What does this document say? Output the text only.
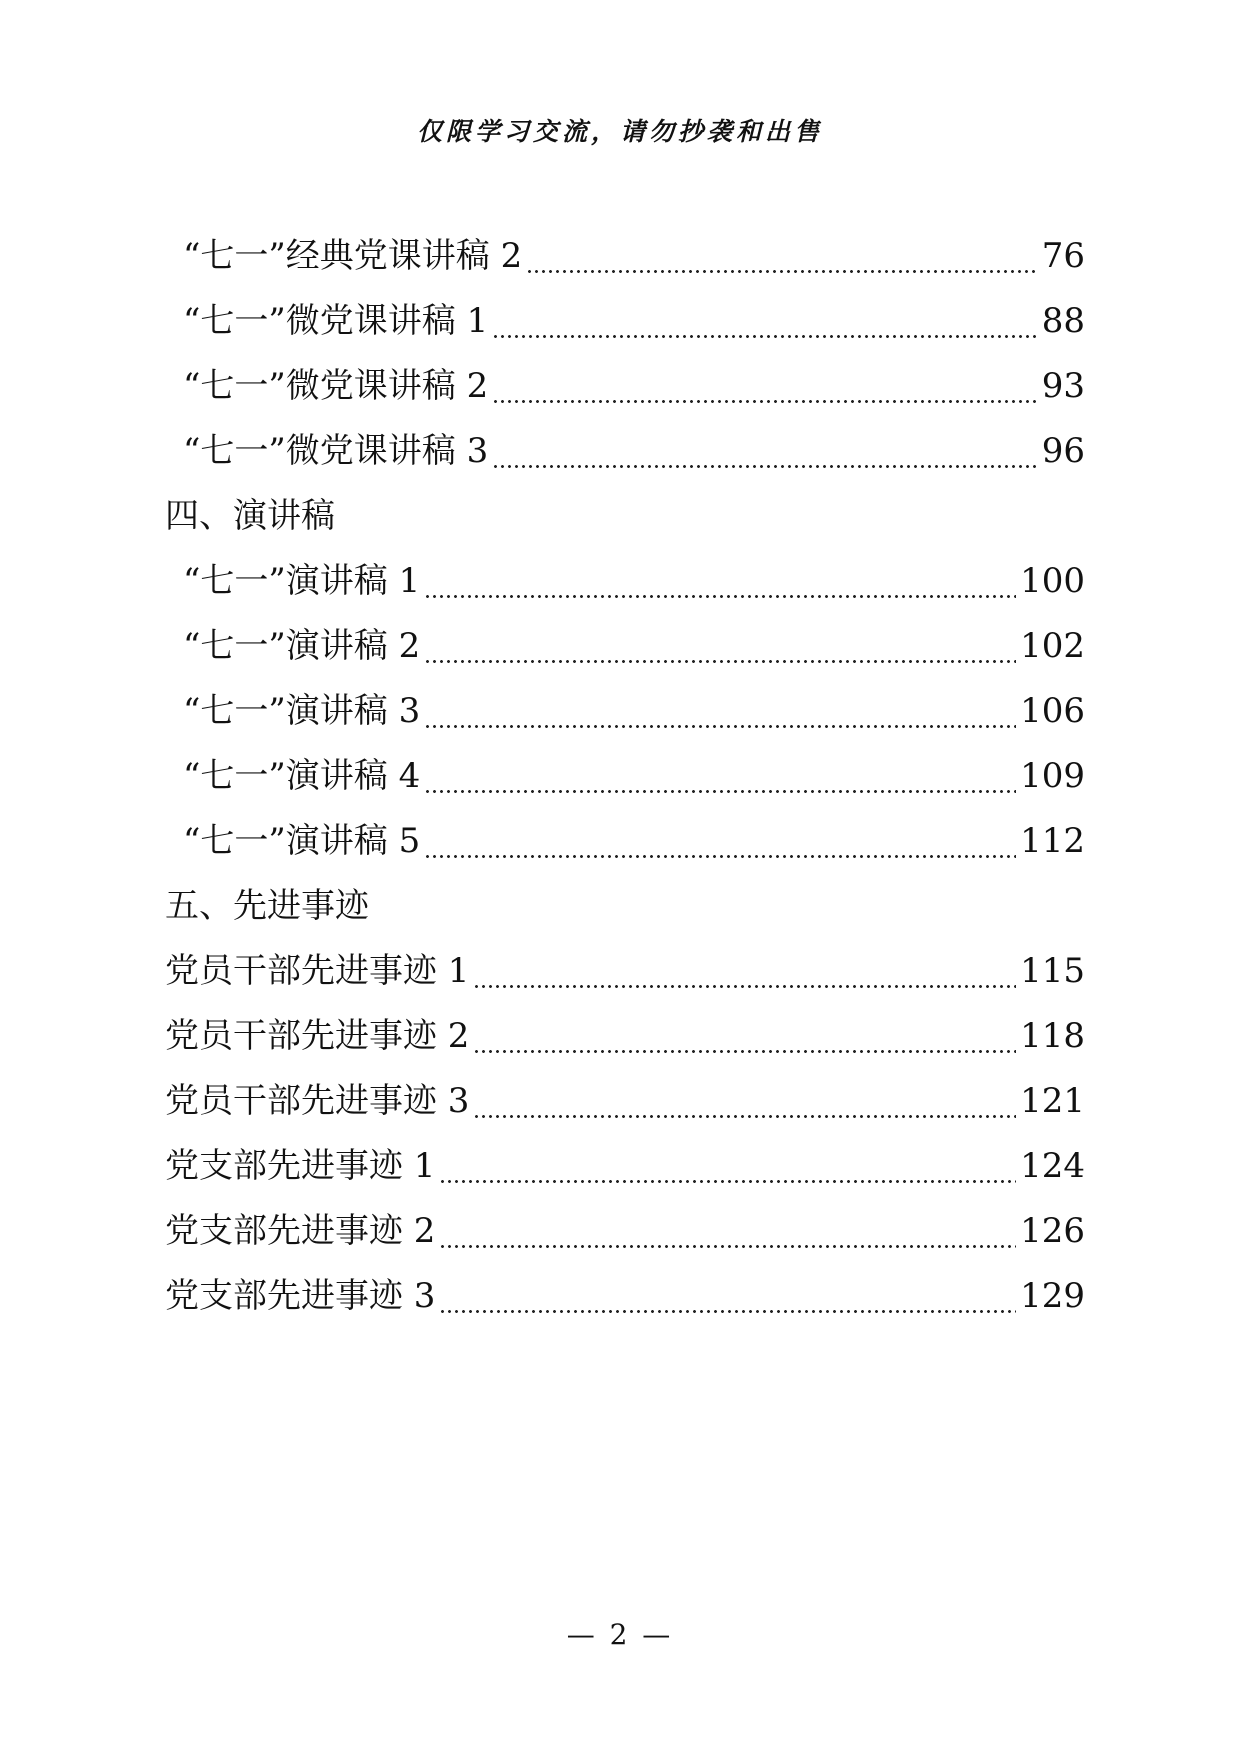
仅限学习交流，请勿抄袭和出售
“七一”经典党课讲稿 2	76
“七一”微党课讲稿 1	88
“七一”微党课讲稿 2	93
“七一”微党课讲稿 3	96
四、演讲稿
“七一”演讲稿 1	100
“七一”演讲稿 2	102
“七一”演讲稿 3	106
“七一”演讲稿 4	109
“七一”演讲稿 5	112
五、先进事迹
党员干部先进事迹 1	115
党员干部先进事迹 2	118
党员干部先进事迹 3	121
党支部先进事迹 1	124
党支部先进事迹 2	126
党支部先进事迹 3	129
— 2 —
